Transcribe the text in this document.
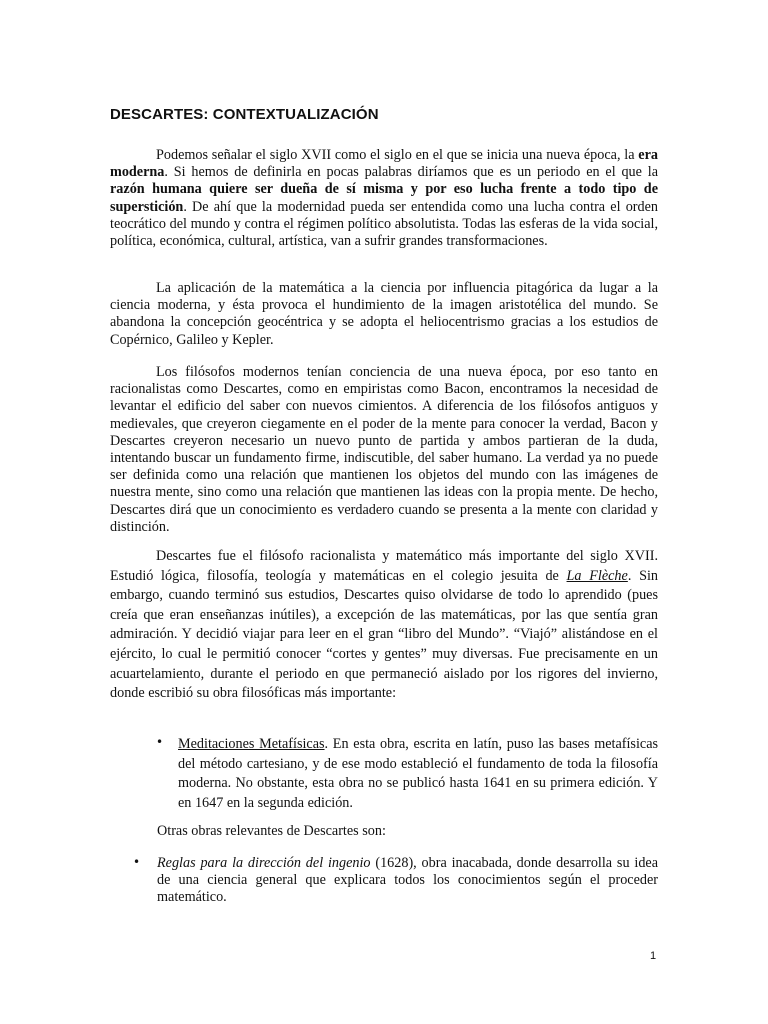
DESCARTES: CONTEXTUALIZACIÓN

Podemos señalar el siglo XVII como el siglo en el que se inicia una nueva época, la era moderna. Si hemos de definirla en pocas palabras diríamos que es un periodo en el que la razón humana quiere ser dueña de sí misma y por eso lucha frente a todo tipo de superstición. De ahí que la modernidad pueda ser entendida como una lucha contra el orden teocrático del mundo y contra el régimen político absolutista. Todas las esferas de la vida social, política, económica, cultural, artística, van a sufrir grandes transformaciones.

La aplicación de la matemática a la ciencia por influencia pitagórica da lugar a la ciencia moderna, y ésta provoca el hundimiento de la imagen aristotélica del mundo. Se abandona la concepción geocéntrica y se adopta el heliocentrismo gracias a los estudios de Copérnico, Galileo y Kepler.

Los filósofos modernos tenían conciencia de una nueva época, por eso tanto en racionalistas como Descartes, como en empiristas como Bacon, encontramos la necesidad de levantar el edificio del saber con nuevos cimientos. A diferencia de los filósofos antiguos y medievales, que creyeron ciegamente en el poder de la mente para conocer la verdad, Bacon y Descartes creyeron necesario un nuevo punto de partida y ambos partieran de la duda, intentando buscar un fundamento firme, indiscutible, del saber humano. La verdad ya no puede ser definida como una relación que mantienen los objetos del mundo con las imágenes de nuestra mente, sino como una relación que mantienen las ideas con la propia mente. De hecho, Descartes dirá que un conocimiento es verdadero cuando se presenta a la mente con claridad y distinción.

Descartes fue el filósofo racionalista y matemático más importante del siglo XVII. Estudió lógica, filosofía, teología y matemáticas en el colegio jesuita de La Flèche. Sin embargo, cuando terminó sus estudios, Descartes quiso olvidarse de todo lo aprendido (pues creía que eran enseñanzas inútiles), a excepción de las matemáticas, por las que sentía gran admiración. Y decidió viajar para leer en el gran “libro del Mundo”. “Viajó” alistándose en el ejército, lo cual le permitió conocer “cortes y gentes” muy diversas. Fue precisamente en un acuartelamiento, durante el periodo en que permaneció aislado por los rigores del invierno, donde escribió su obra filosóficas más importante:

• Meditaciones Metafísicas. En esta obra, escrita en latín, puso las bases metafísicas del método cartesiano, y de ese modo estableció el fundamento de toda la filosofía moderna. No obstante, esta obra no se publicó hasta 1641 en su primera edición. Y en 1647 en la segunda edición.

Otras obras relevantes de Descartes son:

• Reglas para la dirección del ingenio (1628), obra inacabada, donde desarrolla su idea de una ciencia general que explicara todos los conocimientos según el proceder matemático.

1
